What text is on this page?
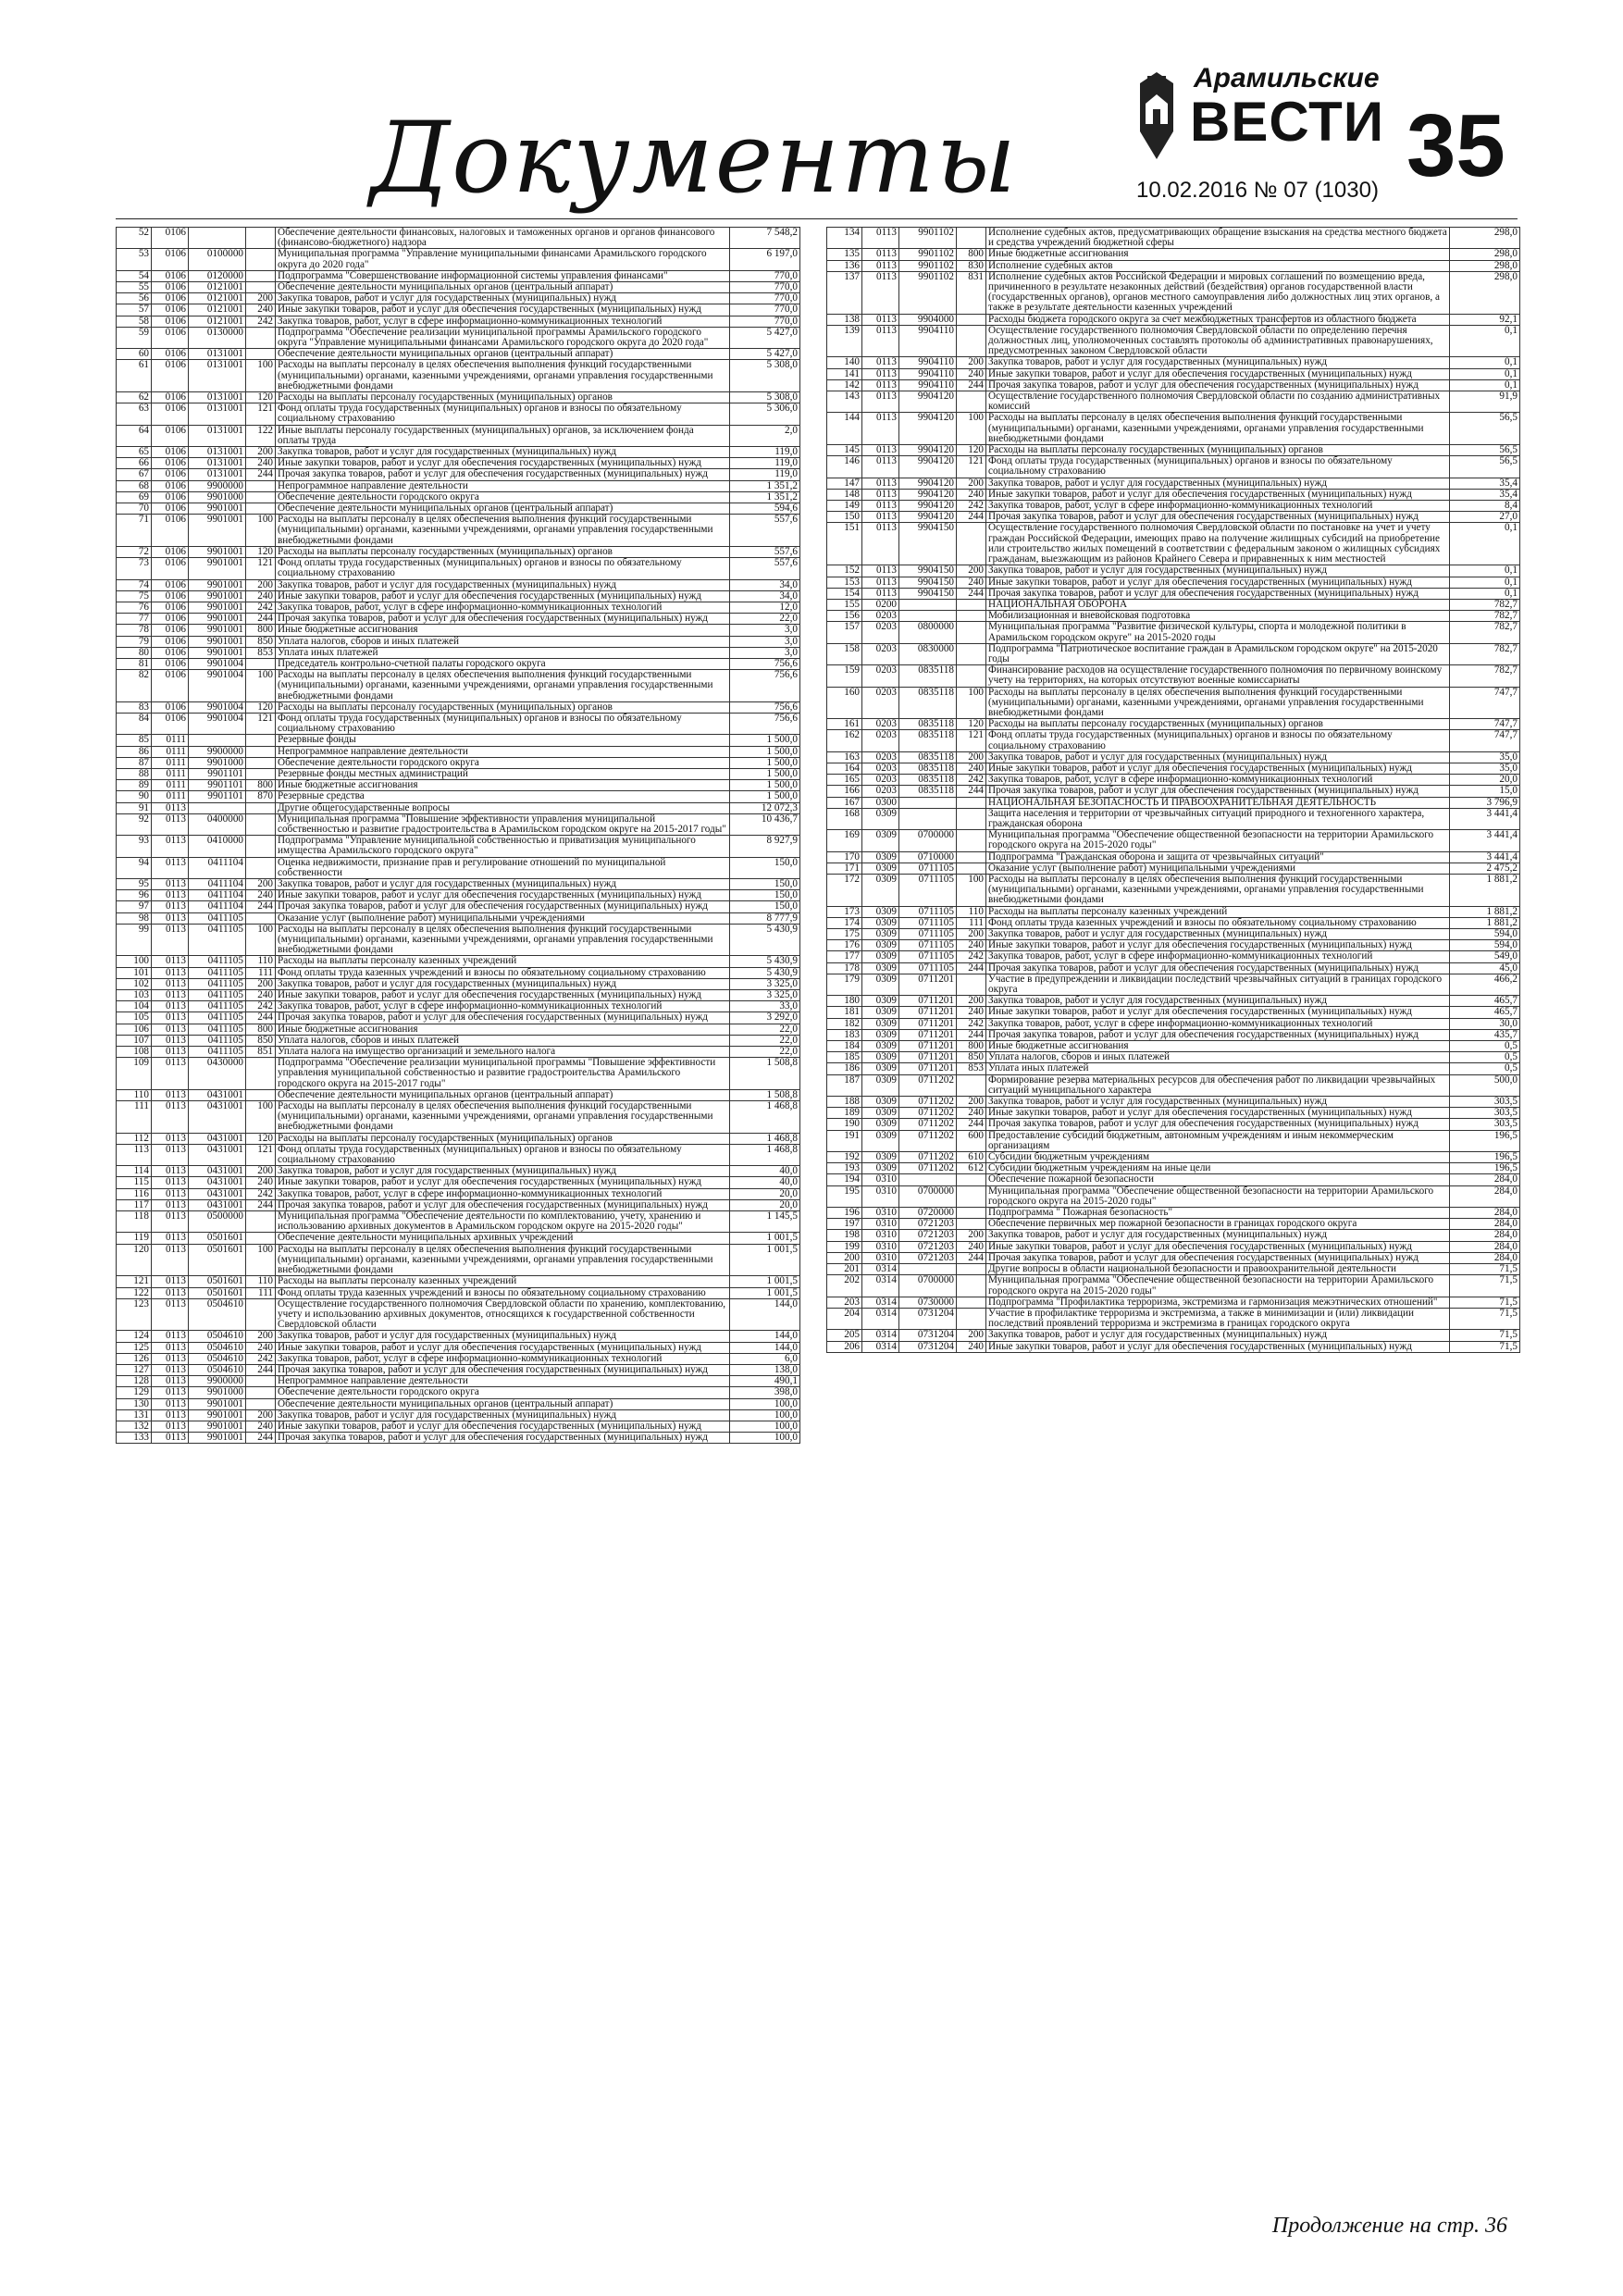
Документы
Арамильские
ВЕСТИ
10.02.2016 № 07 (1030) 35
52	0106			Обеспечение деятельности финансовых, налоговых и таможенных органов и органов финансового (финансово-бюджетного) надзора	7 548,2
53	0106	0100000		Муниципальная программа "Управление муниципальными финансами Арамильского городского округа до 2020 года"	6 197,0
54	0106	0120000		Подпрограмма "Совершенствование информационной системы управления финансами"	770,0
55	0106	0121001		Обеспечение деятельности муниципальных органов (центральный аппарат)	770,0
56	0106	0121001	200	Закупка товаров, работ и услуг для государственных (муниципальных) нужд	770,0
57	0106	0121001	240	Иные закупки товаров, работ и услуг для обеспечения государственных (муниципальных) нужд	770,0
58	0106	0121001	242	Закупка товаров, работ, услуг в сфере информационно-коммуникационных технологий	770,0
59	0106	0130000		Подпрограмма "Обеспечение реализации муниципальной программы Арамильского городского округа "Управление муниципальными финансами Арамильского городского округа до 2020 года"	5 427,0
60	0106	0131001		Обеспечение деятельности муниципальных органов (центральный аппарат)	5 427,0
61	0106	0131001	100	Расходы на выплаты персоналу в целях обеспечения выполнения функций государственными (муниципальными) органами, казенными учреждениями, органами управления государственными внебюджетными фондами	5 308,0
62	0106	0131001	120	Расходы на выплаты персоналу государственных (муниципальных) органов	5 308,0
63	0106	0131001	121	Фонд оплаты труда государственных (муниципальных) органов и взносы по обязательному социальному страхованию	5 306,0
64	0106	0131001	122	Иные выплаты персоналу государственных (муниципальных) органов, за исключением фонда оплаты труда	2,0
65	0106	0131001	200	Закупка товаров, работ и услуг для государственных (муниципальных) нужд	119,0
66	0106	0131001	240	Иные закупки товаров, работ и услуг для обеспечения государственных (муниципальных) нужд	119,0
67	0106	0131001	244	Прочая закупка товаров, работ и услуг для обеспечения государственных (муниципальных) нужд	119,0
68	0106	9900000		Непрограммное направление деятельности	1 351,2
69	0106	9901000		Обеспечение деятельности городского округа	1 351,2
70	0106	9901001		Обеспечение деятельности муниципальных органов (центральный аппарат)	594,6
71	0106	9901001	100	Расходы на выплаты персоналу в целях обеспечения выполнения функций государственными (муниципальными) органами, казенными учреждениями, органами управления государственными внебюджетными фондами	557,6
72	0106	9901001	120	Расходы на выплаты персоналу государственных (муниципальных) органов	557,6
73	0106	9901001	121	Фонд оплаты труда государственных (муниципальных) органов и взносы по обязательному социальному страхованию	557,6
74	0106	9901001	200	Закупка товаров, работ и услуг для государственных (муниципальных) нужд	34,0
75	0106	9901001	240	Иные закупки товаров, работ и услуг для обеспечения государственных (муниципальных) нужд	34,0
76	0106	9901001	242	Закупка товаров, работ, услуг в сфере информационно-коммуникационных технологий	12,0
77	0106	9901001	244	Прочая закупка товаров, работ и услуг для обеспечения государственных (муниципальных) нужд	22,0
78	0106	9901001	800	Иные бюджетные ассигнования	3,0
79	0106	9901001	850	Уплата налогов, сборов и иных платежей	3,0
80	0106	9901001	853	Уплата иных платежей	3,0
81	0106	9901004		Председатель контрольно-счетной палаты городского округа	756,6
82	0106	9901004	100	Расходы на выплаты персоналу в целях обеспечения выполнения функций государственными (муниципальными) органами, казенными учреждениями, органами управления государственными внебюджетными фондами	756,6
83	0106	9901004	120	Расходы на выплаты персоналу государственных (муниципальных) органов	756,6
84	0106	9901004	121	Фонд оплаты труда государственных (муниципальных) органов и взносы по обязательному социальному страхованию	756,6
85	0111			Резервные фонды	1 500,0
86	0111	9900000		Непрограммное направление деятельности	1 500,0
87	0111	9901000		Обеспечение деятельности городского округа	1 500,0
88	0111	9901101		Резервные фонды местных администраций	1 500,0
89	0111	9901101	800	Иные бюджетные ассигнования	1 500,0
90	0111	9901101	870	Резервные средства	1 500,0
91	0113			Другие общегосударственные вопросы	12 072,3
92	0113	0400000		Муниципальная программа "Повышение эффективности управления муниципальной собственностью и развитие градостроительства в Арамильском городском округе на 2015-2017 годы"	10 436,7
93	0113	0410000		Подпрограмма "Управление муниципальной собственностью и приватизация муниципального имущества Арамильского городского округа"	8 927,9
94	0113	0411104		Оценка недвижимости, признание прав и регулирование отношений по муниципальной собственности	150,0
95	0113	0411104	200	Закупка товаров, работ и услуг для государственных (муниципальных) нужд	150,0
96	0113	0411104	240	Иные закупки товаров, работ и услуг для обеспечения государственных (муниципальных) нужд	150,0
97	0113	0411104	244	Прочая закупка товаров, работ и услуг для обеспечения государственных (муниципальных) нужд	150,0
98	0113	0411105		Оказание услуг (выполнение работ) муниципальными учреждениями	8 777,9
99	0113	0411105	100	Расходы на выплаты персоналу в целях обеспечения выполнения функций государственными (муниципальными) органами, казенными учреждениями, органами управления государственными внебюджетными фондами	5 430,9
100	0113	0411105	110	Расходы на выплаты персоналу казенных учреждений	5 430,9
101	0113	0411105	111	Фонд оплаты труда казенных учреждений и взносы по обязательному социальному страхованию	5 430,9
102	0113	0411105	200	Закупка товаров, работ и услуг для государственных (муниципальных) нужд	3 325,0
103	0113	0411105	240	Иные закупки товаров, работ и услуг для обеспечения государственных (муниципальных) нужд	3 325,0
104	0113	0411105	242	Закупка товаров, работ, услуг в сфере информационно-коммуникационных технологий	33,0
105	0113	0411105	244	Прочая закупка товаров, работ и услуг для обеспечения государственных (муниципальных) нужд	3 292,0
106	0113	0411105	800	Иные бюджетные ассигнования	22,0
107	0113	0411105	850	Уплата налогов, сборов и иных платежей	22,0
108	0113	0411105	851	Уплата налога на имущество организаций и земельного налога	22,0
109	0113	0430000		Подпрограмма "Обеспечение реализации муниципальной программы "Повышение эффективности управления муниципальной собственностью и развитие градостроительства Арамильского городского округа на 2015-2017 годы"	1 508,8
110	0113	0431001		Обеспечение деятельности муниципальных органов (центральный аппарат)	1 508,8
111	0113	0431001	100	Расходы на выплаты персоналу в целях обеспечения выполнения функций государственными (муниципальными) органами, казенными учреждениями, органами управления государственными внебюджетными фондами	1 468,8
112	0113	0431001	120	Расходы на выплаты персоналу государственных (муниципальных) органов	1 468,8
113	0113	0431001	121	Фонд оплаты труда государственных (муниципальных) органов и взносы по обязательному социальному страхованию	1 468,8
114	0113	0431001	200	Закупка товаров, работ и услуг для государственных (муниципальных) нужд	40,0
115	0113	0431001	240	Иные закупки товаров, работ и услуг для обеспечения государственных (муниципальных) нужд	40,0
116	0113	0431001	242	Закупка товаров, работ, услуг в сфере информационно-коммуникационных технологий	20,0
117	0113	0431001	244	Прочая закупка товаров, работ и услуг для обеспечения государственных (муниципальных) нужд	20,0
118	0113	0500000		Муниципальная программа "Обеспечение деятельности по комплектованию, учету, хранению и использованию архивных документов в Арамильском городском округе на 2015-2020 годы"	1 145,5
119	0113	0501601		Обеспечение деятельности муниципальных архивных учреждений	1 001,5
120	0113	0501601	100	Расходы на выплаты персоналу в целях обеспечения выполнения функций государственными (муниципальными) органами, казенными учреждениями, органами управления государственными внебюджетными фондами	1 001,5
121	0113	0501601	110	Расходы на выплаты персоналу казенных учреждений	1 001,5
122	0113	0501601	111	Фонд оплаты труда казенных учреждений и взносы по обязательному социальному страхованию	1 001,5
123	0113	0504610		Осуществление государственного полномочия Свердловской области по хранению, комплектованию, учету и использованию архивных документов, относящихся к государственной собственности Свердловской области	144,0
124	0113	0504610	200	Закупка товаров, работ и услуг для государственных (муниципальных) нужд	144,0
125	0113	0504610	240	Иные закупки товаров, работ и услуг для обеспечения государственных (муниципальных) нужд	144,0
126	0113	0504610	242	Закупка товаров, работ, услуг в сфере информационно-коммуникационных технологий	6,0
127	0113	0504610	244	Прочая закупка товаров, работ и услуг для обеспечения государственных (муниципальных) нужд	138,0
128	0113	9900000		Непрограммное направление деятельности	490,1
129	0113	9901000		Обеспечение деятельности городского округа	398,0
130	0113	9901001		Обеспечение деятельности муниципальных органов (центральный аппарат)	100,0
131	0113	9901001	200	Закупка товаров, работ и услуг для государственных (муниципальных) нужд	100,0
132	0113	9901001	240	Иные закупки товаров, работ и услуг для обеспечения государственных (муниципальных) нужд	100,0
133	0113	9901001	244	Прочая закупка товаров, работ и услуг для обеспечения государственных (муниципальных) нужд	100,0
134	0113	9901102		Исполнение судебных актов, предусматривающих обращение взыскания на средства местного бюджета и средства учреждений бюджетной сферы	298,0
135	0113	9901102	800	Иные бюджетные ассигнования	298,0
136	0113	9901102	830	Исполнение судебных актов	298,0
137	0113	9901102	831	Исполнение судебных актов Российской Федерации и мировых соглашений по возмещению вреда, причиненного в результате незаконных действий (бездействия) органов государственной власти (государственных органов), органов местного самоуправления либо должностных лиц этих органов, а также в результате деятельности казенных учреждений	298,0
138	0113	9904000		Расходы бюджета городского округа за счет межбюджетных трансфертов из областного бюджета	92,1
139	0113	9904110		Осуществление государственного полномочия Свердловской области по определению перечня должностных лиц, уполномоченных составлять протоколы об административных правонарушениях, предусмотренных законом Свердловской области	0,1
140	0113	9904110	200	Закупка товаров, работ и услуг для государственных (муниципальных) нужд	0,1
141	0113	9904110	240	Иные закупки товаров, работ и услуг для обеспечения государственных (муниципальных) нужд	0,1
142	0113	9904110	244	Прочая закупка товаров, работ и услуг для обеспечения государственных (муниципальных) нужд	0,1
143	0113	9904120		Осуществление государственного полномочия Свердловской области по созданию административных комиссий	91,9
144	0113	9904120	100	Расходы на выплаты персоналу в целях обеспечения выполнения функций государственными (муниципальными) органами, казенными учреждениями, органами управления государственными внебюджетными фондами	56,5
145	0113	9904120	120	Расходы на выплаты персоналу государственных (муниципальных) органов	56,5
146	0113	9904120	121	Фонд оплаты труда государственных (муниципальных) органов и взносы по обязательному социальному страхованию	56,5
147	0113	9904120	200	Закупка товаров, работ и услуг для государственных (муниципальных) нужд	35,4
148	0113	9904120	240	Иные закупки товаров, работ и услуг для обеспечения государственных (муниципальных) нужд	35,4
149	0113	9904120	242	Закупка товаров, работ, услуг в сфере информационно-коммуникационных технологий	8,4
150	0113	9904120	244	Прочая закупка товаров, работ и услуг для обеспечения государственных (муниципальных) нужд	27,0
151	0113	9904150		Осуществление государственного полномочия Свердловской области по постановке на учет и учету граждан Российской Федерации, имеющих право на получение жилищных субсидий на приобретение или строительство жилых помещений в соответствии с федеральным законом о жилищных субсидиях гражданам, выезжающим из районов Крайнего Севера и приравненных к ним местностей	0,1
152	0113	9904150	200	Закупка товаров, работ и услуг для государственных (муниципальных) нужд	0,1
153	0113	9904150	240	Иные закупки товаров, работ и услуг для обеспечения государственных (муниципальных) нужд	0,1
154	0113	9904150	244	Прочая закупка товаров, работ и услуг для обеспечения государственных (муниципальных) нужд	0,1
155	0200			НАЦИОНАЛЬНАЯ ОБОРОНА	782,7
156	0203			Мобилизационная и вневойсковая подготовка	782,7
157	0203	0800000		Муниципальная программа "Развитие физической культуры, спорта и молодежной политики в Арамильском городском округе" на 2015-2020 годы	782,7
158	0203	0830000		Подпрограмма "Патриотическое воспитание граждан в Арамильском городском округе" на 2015-2020 годы	782,7
159	0203	0835118		Финансирование расходов на осуществление государственного полномочия по первичному воинскому учету на территориях, на которых отсутствуют военные комиссариаты	782,7
160	0203	0835118	100	Расходы на выплаты персоналу в целях обеспечения выполнения функций государственными (муниципальными) органами, казенными учреждениями, органами управления государственными внебюджетными фондами	747,7
161	0203	0835118	120	Расходы на выплаты персоналу государственных (муниципальных) органов	747,7
162	0203	0835118	121	Фонд оплаты труда государственных (муниципальных) органов и взносы по обязательному социальному страхованию	747,7
163	0203	0835118	200	Закупка товаров, работ и услуг для государственных (муниципальных) нужд	35,0
164	0203	0835118	240	Иные закупки товаров, работ и услуг для обеспечения государственных (муниципальных) нужд	35,0
165	0203	0835118	242	Закупка товаров, работ, услуг в сфере информационно-коммуникационных технологий	20,0
166	0203	0835118	244	Прочая закупка товаров, работ и услуг для обеспечения государственных (муниципальных) нужд	15,0
167	0300			НАЦИОНАЛЬНАЯ БЕЗОПАСНОСТЬ И ПРАВООХРАНИТЕЛЬНАЯ ДЕЯТЕЛЬНОСТЬ	3 796,9
168	0309			Защита населения и территории от чрезвычайных ситуаций природного и техногенного характера, гражданская оборона	3 441,4
169	0309	0700000		Муниципальная программа "Обеспечение общественной безопасности на территории Арамильского городского округа на 2015-2020 годы"	3 441,4
170	0309	0710000		Подпрограмма "Гражданская оборона и защита от чрезвычайных ситуаций"	3 441,4
171	0309	0711105		Оказание услуг (выполнение работ) муниципальными учреждениями	2 475,2
172	0309	0711105	100	Расходы на выплаты персоналу в целях обеспечения выполнения функций государственными (муниципальными) органами, казенными учреждениями, органами управления государственными внебюджетными фондами	1 881,2
173	0309	0711105	110	Расходы на выплаты персоналу казенных учреждений	1 881,2
174	0309	0711105	111	Фонд оплаты труда казенных учреждений и взносы по обязательному социальному страхованию	1 881,2
175	0309	0711105	200	Закупка товаров, работ и услуг для государственных (муниципальных) нужд	594,0
176	0309	0711105	240	Иные закупки товаров, работ и услуг для обеспечения государственных (муниципальных) нужд	594,0
177	0309	0711105	242	Закупка товаров, работ, услуг в сфере информационно-коммуникационных технологий	549,0
178	0309	0711105	244	Прочая закупка товаров, работ и услуг для обеспечения государственных (муниципальных) нужд	45,0
179	0309	0711201		Участие в предупреждении и ликвидации последствий чрезвычайных ситуаций в границах городского округа	466,2
180	0309	0711201	200	Закупка товаров, работ и услуг для государственных (муниципальных) нужд	465,7
181	0309	0711201	240	Иные закупки товаров, работ и услуг для обеспечения государственных (муниципальных) нужд	465,7
182	0309	0711201	242	Закупка товаров, работ, услуг в сфере информационно-коммуникационных технологий	30,0
183	0309	0711201	244	Прочая закупка товаров, работ и услуг для обеспечения государственных (муниципальных) нужд	435,7
184	0309	0711201	800	Иные бюджетные ассигнования	0,5
185	0309	0711201	850	Уплата налогов, сборов и иных платежей	0,5
186	0309	0711201	853	Уплата иных платежей	0,5
187	0309	0711202		Формирование резерва материальных ресурсов для обеспечения работ по ликвидации чрезвычайных ситуаций муниципального характера	500,0
188	0309	0711202	200	Закупка товаров, работ и услуг для государственных (муниципальных) нужд	303,5
189	0309	0711202	240	Иные закупки товаров, работ и услуг для обеспечения государственных (муниципальных) нужд	303,5
190	0309	0711202	244	Прочая закупка товаров, работ и услуг для обеспечения государственных (муниципальных) нужд	303,5
191	0309	0711202	600	Предоставление субсидий бюджетным, автономным учреждениям и иным некоммерческим организациям	196,5
192	0309	0711202	610	Субсидии бюджетным учреждениям	196,5
193	0309	0711202	612	Субсидии бюджетным учреждениям на иные цели	196,5
194	0310			Обеспечение пожарной безопасности	284,0
195	0310	0700000		Муниципальная программа "Обеспечение общественной безопасности на территории Арамильского городского округа на 2015-2020 годы"	284,0
196	0310	0720000		Подпрограмма " Пожарная безопасность"	284,0
197	0310	0721203		Обеспечение первичных мер пожарной безопасности в границах городского округа	284,0
198	0310	0721203	200	Закупка товаров, работ и услуг для государственных (муниципальных) нужд	284,0
199	0310	0721203	240	Иные закупки товаров, работ и услуг для обеспечения государственных (муниципальных) нужд	284,0
200	0310	0721203	244	Прочая закупка товаров, работ и услуг для обеспечения государственных (муниципальных) нужд	284,0
201	0314			Другие вопросы в области национальной безопасности и правоохранительной деятельности	71,5
202	0314	0700000		Муниципальная программа "Обеспечение общественной безопасности на территории Арамильского городского округа на 2015-2020 годы"	71,5
203	0314	0730000		Подпрограмма "Профилактика терроризма, экстремизма и гармонизация межэтнических отношений"	71,5
204	0314	0731204		Участие в профилактике терроризма и экстремизма, а также в минимизации и (или) ликвидации последствий проявлений терроризма и экстремизма в границах городского округа	71,5
205	0314	0731204	200	Закупка товаров, работ и услуг для государственных (муниципальных) нужд	71,5
206	0314	0731204	240	Иные закупки товаров, работ и услуг для обеспечения государственных (муниципальных) нужд	71,5
Продолжение на стр. 36
